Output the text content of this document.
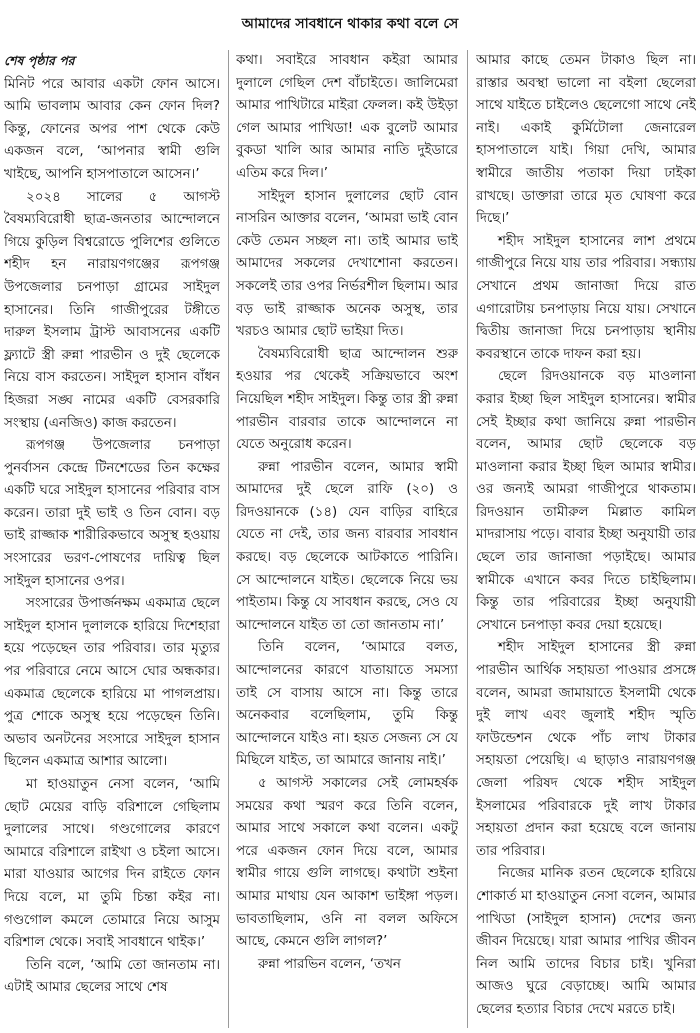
আমাদের সাবধানে থাকার কথা বলে সে

শেষ পৃষ্ঠার পর

মিনিট পরে আবার একটা ফোন আসে। আমি ভাবলাম আবার কেন ফোন দিল? কিন্তু, ফোনের অপর পাশ থেকে কেউ একজন বলে, ‘আপনার স্বামী গুলি খাইছে, আপনি হাসপাতালে আসেন।’

২০২৪ সালের ৫ আগস্ট বৈষম্যবিরোধী ছাত্র-জনতার আন্দোলনে গিয়ে কুড়িল বিশ্বরোডে পুলিশের গুলিতে শহীদ হন নারায়ণগঞ্জের রূপগঞ্জ উপজেলার চনপাড়া গ্রামের সাইদুল হাসানের। তিনি গাজীপুরের টঙ্গীতে দারুল ইসলাম ট্রাস্ট আবাসনের একটি ফ্ল্যাটে স্ত্রী রুন্না পারভীন ও দুই ছেলেকে নিয়ে বাস করতেন। সাইদুল হাসান বাঁধন হিজরা সঙ্ঘ নামের একটি বেসরকারি সংস্থায় (এনজিও) কাজ করতেন।

রূপগঞ্জ উপজেলার চনপাড়া পুনর্বাসন কেন্দ্রে টিনশেডের তিন কক্ষের একটি ঘরে সাইদুল হাসানের পরিবার বাস করেন। তারা দুই ভাই ও তিন বোন। বড় ভাই রাজ্জাক শারীরিকভাবে অসুস্থ হওয়ায় সংসারের ভরণ-পোষণের দায়িত্ব ছিল সাইদুল হাসানের ওপর।

সংসারের উপার্জনক্ষম একমাত্র ছেলে সাইদুল হাসান দুলালকে হারিয়ে দিশেহারা হয়ে পড়েছেন তার পরিবার। তার মৃত্যুর পর পরিবারে নেমে আসে ঘোর অন্ধকার। একমাত্র ছেলেকে হারিয়ে মা পাগলপ্রায়। পুত্র শোকে অসুস্থ হয়ে পড়েছেন তিনি। অভাব অনটনের সংসারে সাইদুল হাসান ছিলেন একমাত্র আশার আলো।

মা হাওয়াতুন নেসা বলেন, ‘আমি ছোট মেয়ের বাড়ি বরিশালে গেছিলাম দুলালের সাথে। গণ্ডগোলের কারণে আমারে বরিশালে রাইখা ও চইলা আসে। মারা যাওয়ার আগের দিন রাইতে ফোন দিয়ে বলে, মা তুমি চিন্তা কইর না। গণ্ডগোল কমলে তোমারে নিয়ে আসুম বরিশাল থেকে। সবাই সাবধানে থাইক।’

তিনি বলে, ‘আমি তো জানতাম না। এটাই আমার ছেলের সাথে শেষ

কথা। সবাইরে সাবধান কইরা আমার দুলালে গেছিল দেশ বাঁচাইতে। জালিমেরা আমার পাখিটারে মাইরা ফেলল। কই উইড়া গেল আমার পাখিডা! এক বুলেট আমার বুকডা খালি আর আমার নাতি দুইডারে এতিম করে দিল।’

সাইদুল হাসান দুলালের ছোট বোন নাসরিন আক্তার বলেন, ‘আমরা ভাই বোন কেউ তেমন সচ্ছল না। তাই আমার ভাই আমাদের সকলের দেখাশোনা করতেন। সকলেই তার ওপর নির্ভরশীল ছিলাম। আর বড় ভাই রাজ্জাক অনেক অসুস্থ, তার খরচও আমার ছোট ভাইয়া দিত।

বৈষম্যবিরোধী ছাত্র আন্দোলন শুরু হওয়ার পর থেকেই সক্রিয়ভাবে অংশ নিয়েছিল শহীদ সাইদুল। কিন্তু তার স্ত্রী রুন্না পারভীন বারবার তাকে আন্দোলনে না যেতে অনুরোধ করেন।

রুন্না পারভীন বলেন, আমার স্বামী আমাদের দুই ছেলে রাফি (২০) ও রিদওয়ানকে (১৪) যেন বাড়ির বাহিরে যেতে না দেই, তার জন্য বারবার সাবধান করছে। বড় ছেলেকে আটকাতে পারিনি। সে আন্দোলনে যাইত। ছেলেকে নিয়ে ভয় পাইতাম। কিন্তু যে সাবধান করছে, সেও যে আন্দোলনে যাইত তা তো জানতাম না।’

তিনি বলেন, ‘আমারে বলত, আন্দোলনের কারণে যাতায়াতে সমস্যা তাই সে বাসায় আসে না। কিন্তু তারে অনেকবার বলেছিলাম, তুমি কিন্তু আন্দোলনে যাইও না। হয়ত সেজন্য সে যে মিছিলে যাইত, তা আমারে জানায় নাই।’

৫ আগস্ট সকালের সেই লোমহর্ষক সময়ের কথা স্মরণ করে তিনি বলেন, আমার সাথে সকালে কথা বলেন। একটু পরে একজন ফোন দিয়ে বলে, আমার স্বামীর গায়ে গুলি লাগছে। কথাটা শুইনা আমার মাথায় যেন আকাশ ভাইঙ্গা পড়ল। ভাবতাছিলাম, ওনি না বলল অফিসে আছে, কেমনে গুলি লাগল?’

রুন্না পারভিন বলেন, ‘তখন

আমার কাছে তেমন টাকাও ছিল না। রাস্তার অবস্থা ভালো না বইলা ছেলেরা সাথে যাইতে চাইলেও ছেলেগো সাথে নেই নাই। একাই কুর্মিটোলা জেনারেল হাসপাতালে যাই। গিয়া দেখি, আমার স্বামীরে জাতীয় পতাকা দিয়া ঢাইকা রাখছে। ডাক্তারা তারে মৃত ঘোষণা করে দিছে।’

শহীদ সাইদুল হাসানের লাশ প্রথমে গাজীপুরে নিয়ে যায় তার পরিবার। সন্ধ্যায় সেখানে প্রথম জানাজা দিয়ে রাত এগারোটায় চনপাড়ায় নিয়ে যায়। সেখানে দ্বিতীয় জানাজা দিয়ে চনপাড়ায় স্থানীয় কবরস্থানে তাকে দাফন করা হয়।

ছেলে রিদওয়ানকে বড় মাওলানা করার ইচ্ছা ছিল সাইদুল হাসানের। স্বামীর সেই ইচ্ছার কথা জানিয়ে রুন্না পারভীন বলেন, আমার ছোট ছেলেকে বড় মাওলানা করার ইচ্ছা ছিল আমার স্বামীর। ওর জন্যই আমরা গাজীপুরে থাকতাম। রিদওয়ান তামীরুল মিল্লাত কামিল মাদরাসায় পড়ে। বাবার ইচ্ছা অনুযায়ী তার ছেলে তার জানাজা পড়াইছে। আমার স্বামীকে এখানে কবর দিতে চাইছিলাম। কিন্তু তার পরিবারের ইচ্ছা অনুযায়ী সেখানে চনপাড়া কবর দেয়া হয়েছে।

শহীদ সাইদুল হাসানের স্ত্রী রুন্না পারভীন আর্থিক সহায়তা পাওয়ার প্রসঙ্গে বলেন, আমরা জামায়াতে ইসলামী থেকে দুই লাখ এবং জুলাই শহীদ স্মৃতি ফাউন্ডেশন থেকে পাঁচ লাখ টাকার সহায়তা পেয়েছি। এ ছাড়াও নারায়ণগঞ্জ জেলা পরিষদ থেকে শহীদ সাইদুল ইসলামের পরিবারকে দুই লাখ টাকার সহায়তা প্রদান করা হয়েছে বলে জানায় তার পরিবার।

নিজের মানিক রতন ছেলেকে হারিয়ে শোকার্ত মা হাওয়াতুন নেসা বলেন, আমার পাখিডা (সাইদুল হাসান) দেশের জন্য জীবন দিয়েছে। যারা আমার পাখির জীবন নিল আমি তাদের বিচার চাই। খুনিরা আজও ঘুরে বেড়াচ্ছে। আমি আমার ছেলের হত্যার বিচার দেখে মরতে চাই।
